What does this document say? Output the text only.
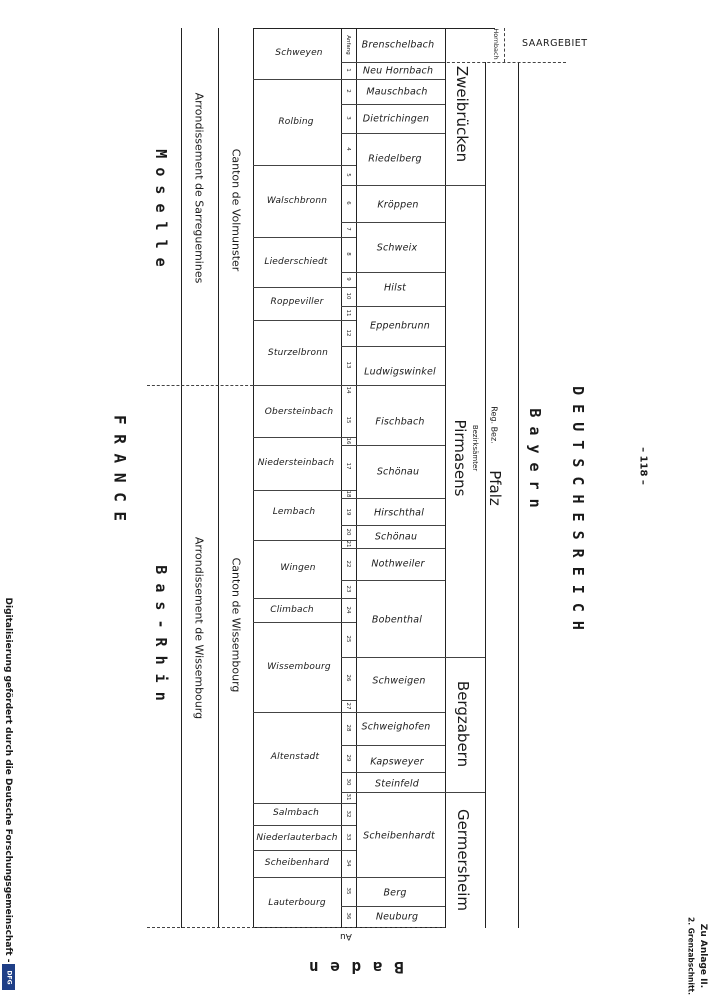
Schweyen
Rolbing
Walschbronn
Liederschiedt
Roppeviller
Sturzelbronn
Obersteinbach
Niedersteinbach
Lembach
Wingen
Climbach
Wissembourg
Altenstadt
Salmbach
Niederlauterbach
Scheibenhard
Lauterbourg
Anfang
1
2
3
4
5
6
7
8
9
10
11
12
13
14
15
16
17
18
19
20
21
22
23
24
25
26
27
28
29
30
31
32
33
34
35
36
Brenschelbach
Neu Hornbach
Mauschbach
Dietrichingen
Riedelberg
Kröppen
Schweix
Hilst
Eppenbrunn
Ludwigswinkel
Fischbach
Schönau
Hirschthal
Schönau
Nothweiler
Bobenthal
Schweigen
Schweighofen
Kapsweyer
Steinfeld
Scheibenhardt
Berg
Neuburg
Zweibrücken
Pirmasens Bezirksämter
Bergzabern
Germersheim
Reg. Bez.
Pfalz
Hornbach SAARGEBIET
B a y e r n D E U T S C H E S R E I C H	– 118 –
Zu Anlage II.
2. Grenzabschnitt.
Au
B a d e n
Canton de Volmunster
Canton de Wissembourg
Arrondissement de Sarreguemines
Arrondissement de Wissembourg
M o s e l l e
B a s - R h i n
F R A N C E
Digitalisierung gefördert durch die Deutsche Forschungsgemeinschaft -
DFG
